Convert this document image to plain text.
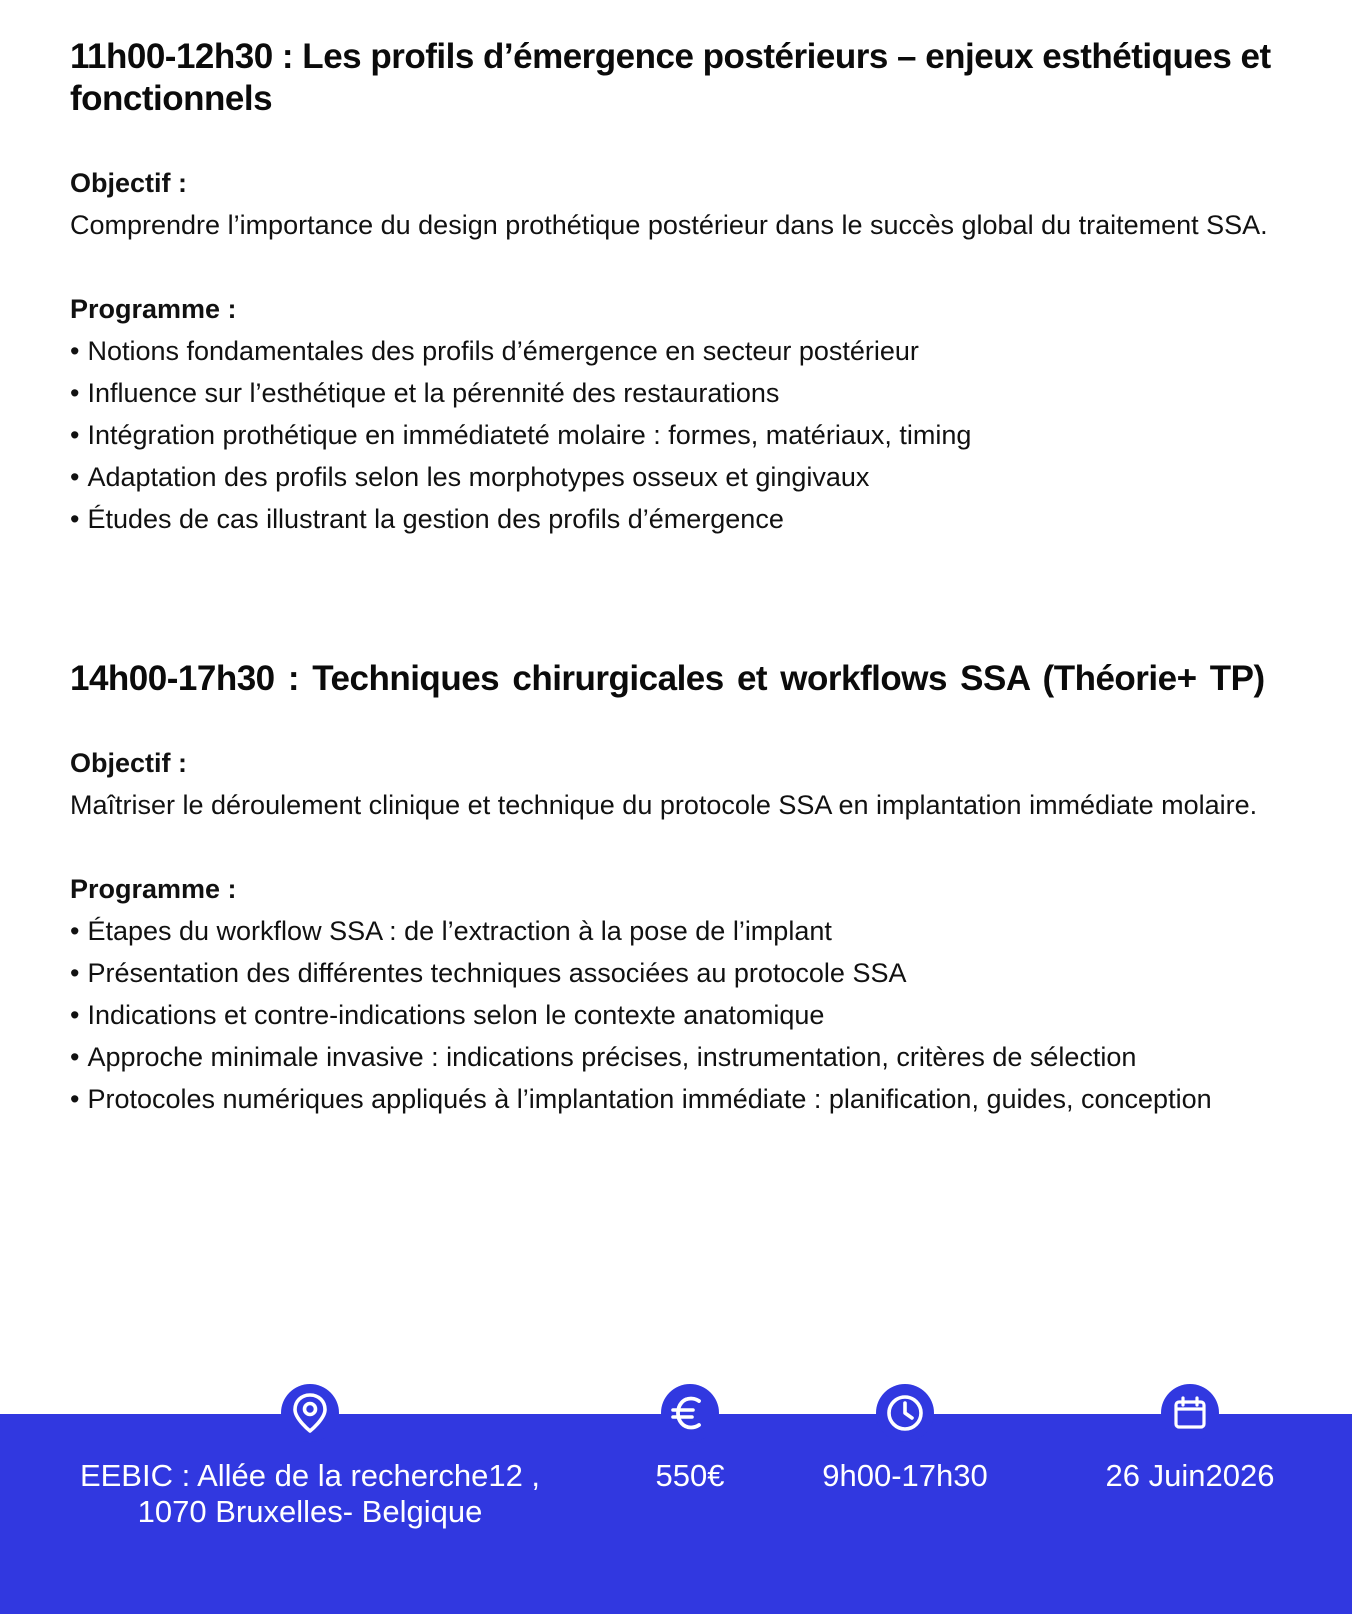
11h00-12h30 : Les profils d’émergence postérieurs – enjeux esthétiques et fonctionnels

Objectif :

Comprendre l’importance du design prothétique postérieur dans le succès global du traitement SSA.

Programme :

• Notions fondamentales des profils d’émergence en secteur postérieur
• Influence sur l’esthétique et la pérennité des restaurations
• Intégration prothétique en immédiateté molaire : formes, matériaux, timing
• Adaptation des profils selon les morphotypes osseux et gingivaux
• Études de cas illustrant la gestion des profils d’émergence
14h00-17h30 : Techniques chirurgicales et workflows SSA (Théorie+ TP)

Objectif :

Maîtriser le déroulement clinique et technique du protocole SSA en implantation immédiate molaire.

Programme :

• Étapes du workflow SSA : de l’extraction à la pose de l’implant
• Présentation des différentes techniques associées au protocole SSA
• Indications et contre-indications selon le contexte anatomique
• Approche minimale invasive : indications précises, instrumentation, critères de sélection
• Protocoles numériques appliqués à l’implantation immédiate : planification, guides, conception
EEBIC : Allée de la recherche12 ,
1070 Bruxelles- Belgique
550€	9h00-17h30	26 Juin2026
